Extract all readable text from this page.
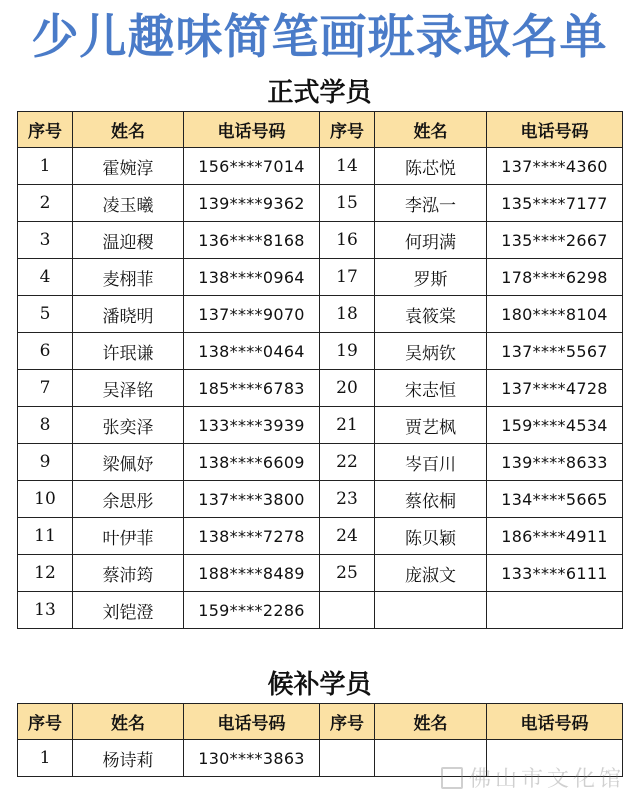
少儿趣味简笔画班录取名单
正式学员
序号	姓名	电话号码	序号	姓名	电话号码
1	霍婉淳	156****7014	14	陈芯悦	137****4360
2	凌玉曦	139****9362	15	李泓一	135****7177
3	温迎稷	136****8168	16	何玥满	135****2667
4	麦栩菲	138****0964	17	罗斯	178****6298
5	潘晓明	137****9070	18	袁筱棠	180****8104
6	许珉谦	138****0464	19	吴炳钦	137****5567
7	吴泽铭	185****6783	20	宋志恒	137****4728
8	张奕泽	133****3939	21	贾艺枫	159****4534
9	梁佩妤	138****6609	22	岑百川	139****8633
10	余思彤	137****3800	23	蔡依桐	134****5665
11	叶伊菲	138****7278	24	陈贝颖	186****4911
12	蔡沛筠	188****8489	25	庞淑文	133****6111
13	刘铠澄	159****2286			
候补学员
序号	姓名	电话号码	序号	姓名	电话号码
1	杨诗莉	130****3863			
佛山市文化馆
